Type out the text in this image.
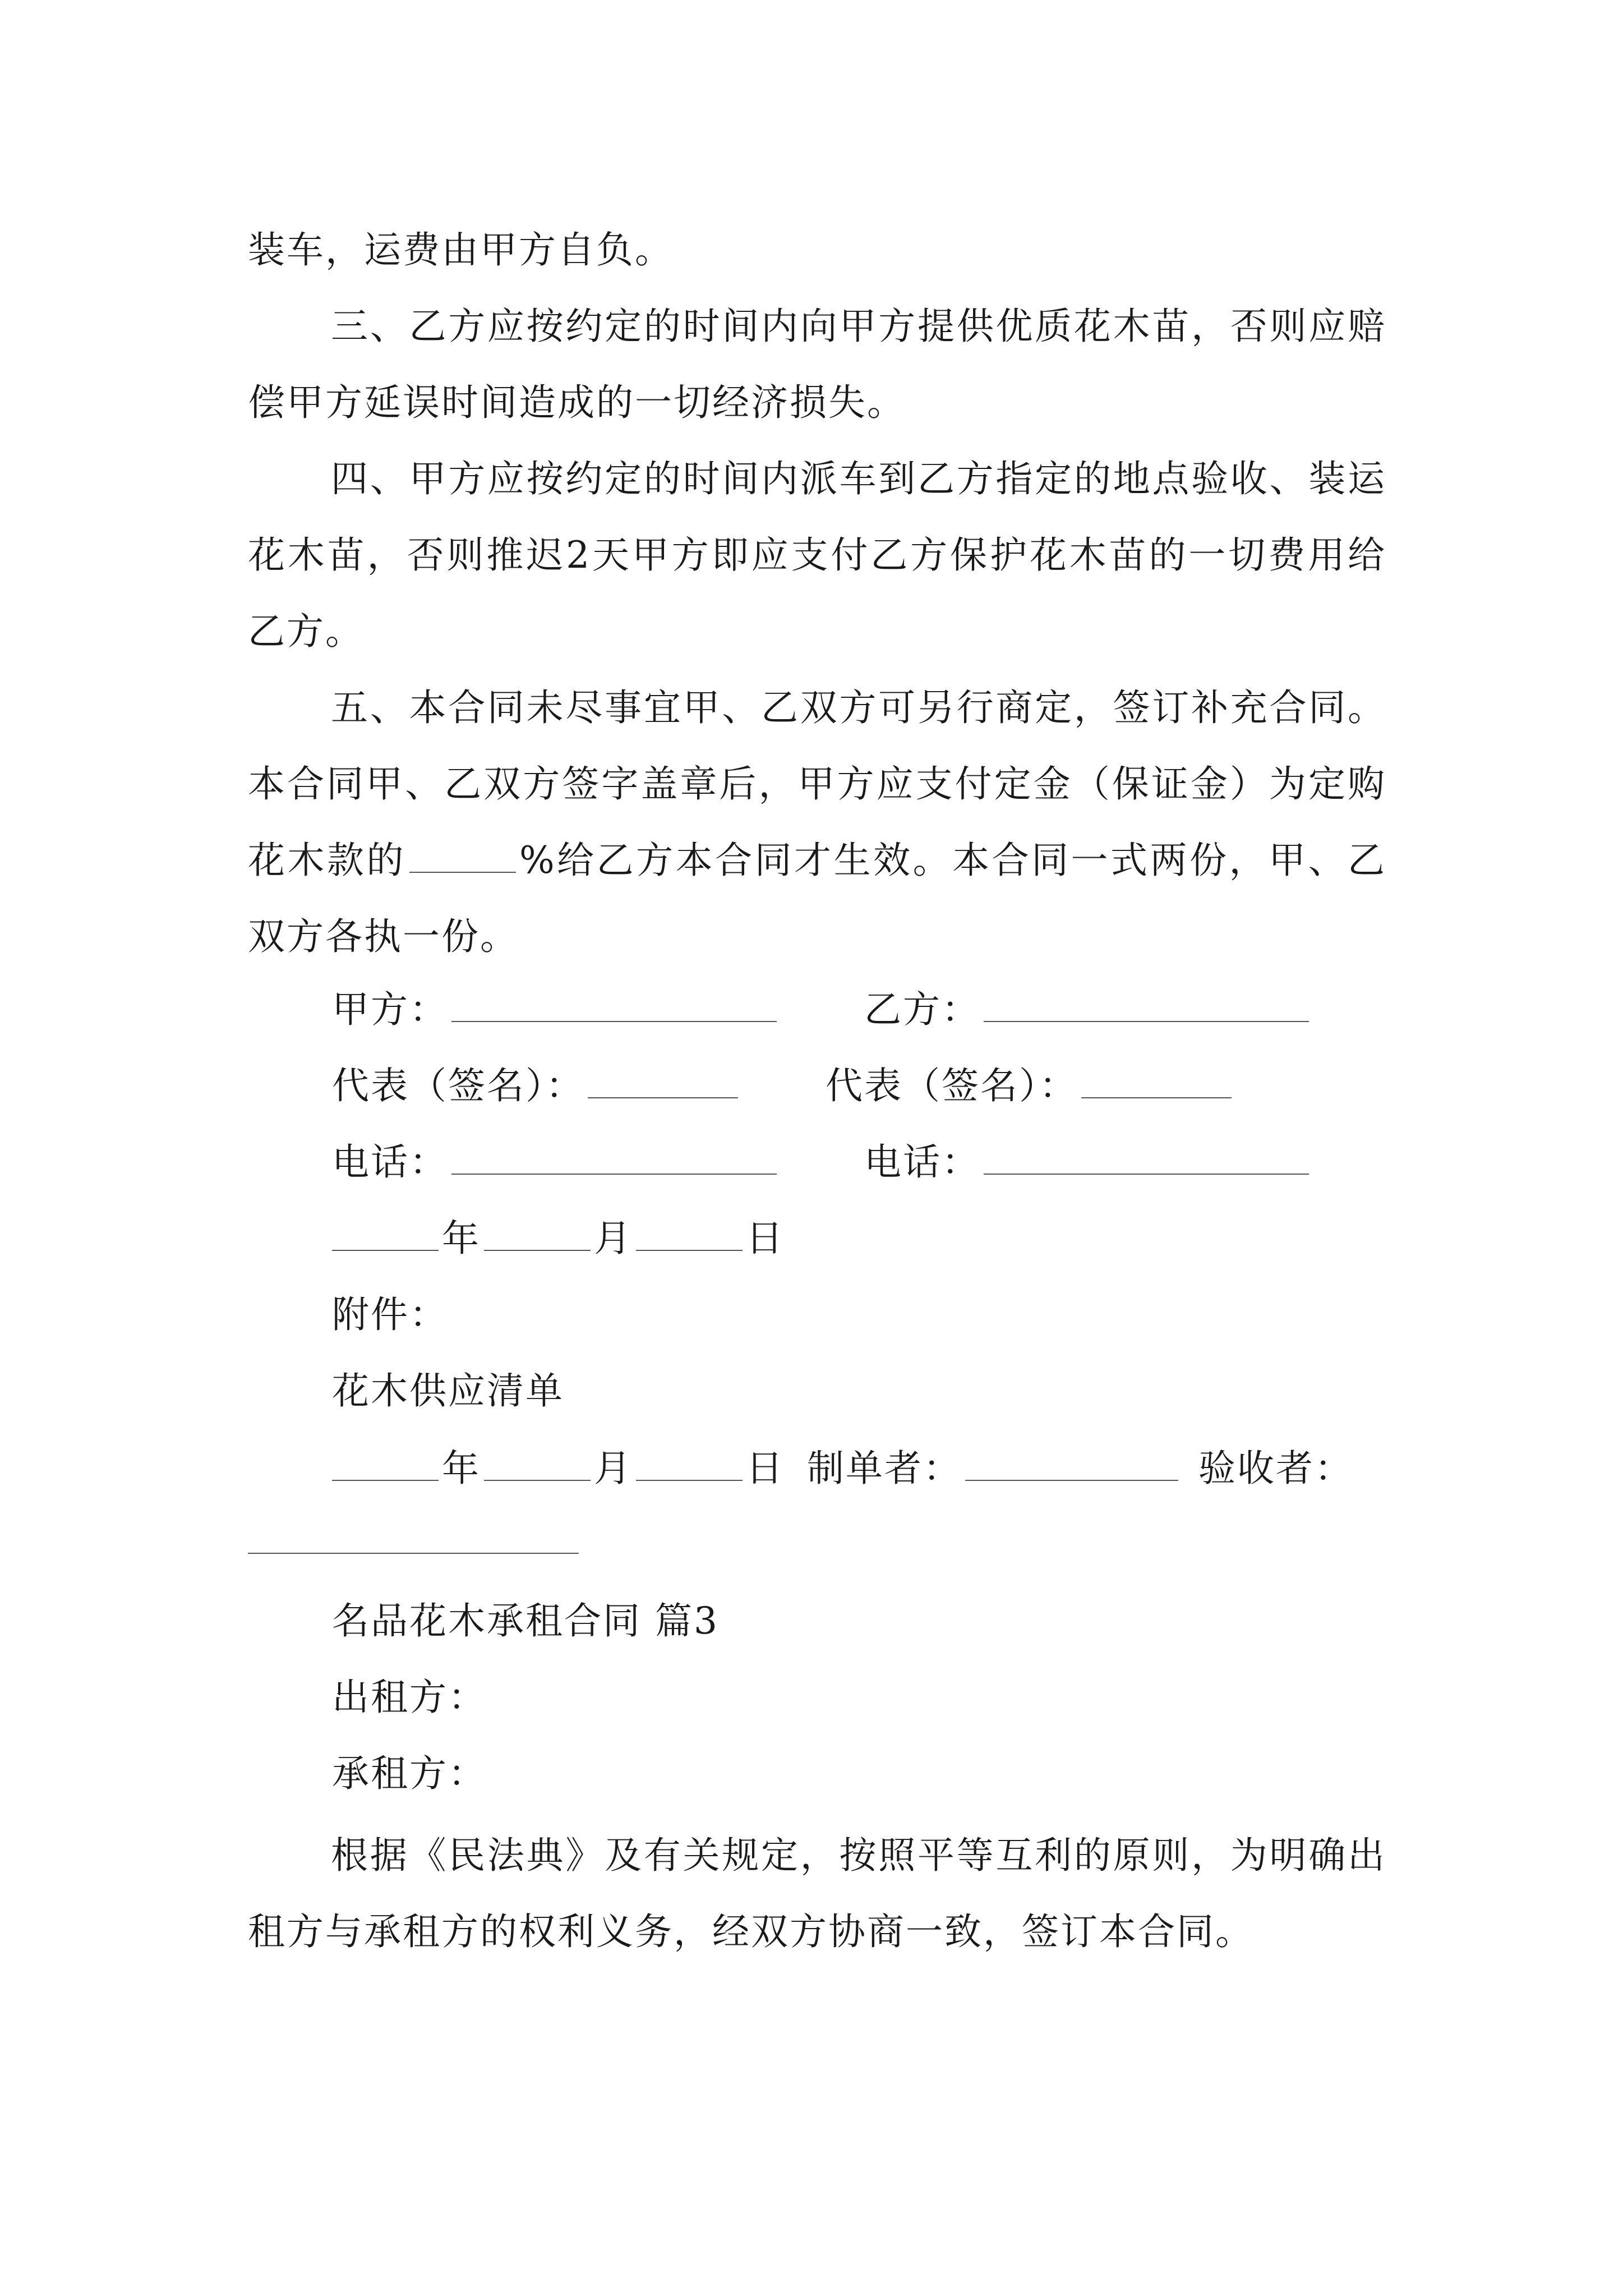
装车，运费由甲方自负。
三、乙方应按约定的时间内向甲方提供优质花木苗，否则应赔偿甲方延误时间造成的一切经济损失。
四、甲方应按约定的时间内派车到乙方指定的地点验收、装运花木苗，否则推迟2天甲方即应支付乙方保护花木苗的一切费用给乙方。
五、本合同未尽事宜甲、乙双方可另行商定，签订补充合同。本合同甲、乙双方签字盖章后，甲方应支付定金（保证金）为定购花木款的	%给乙方本合同才生效。本合同一式两份，甲、乙双方各执一份。
甲方：	乙方：
代表（签名）：	代表（签名）：
电话：	电话：
年	月	日
附件：
花木供应清单
年	月	日 制单者：	验收者：
名品花木承租合同 篇3
出租方：
承租方：
根据《民法典》及有关规定，按照平等互利的原则，为明确出租方与承租方的权利义务，经双方协商一致，签订本合同。
